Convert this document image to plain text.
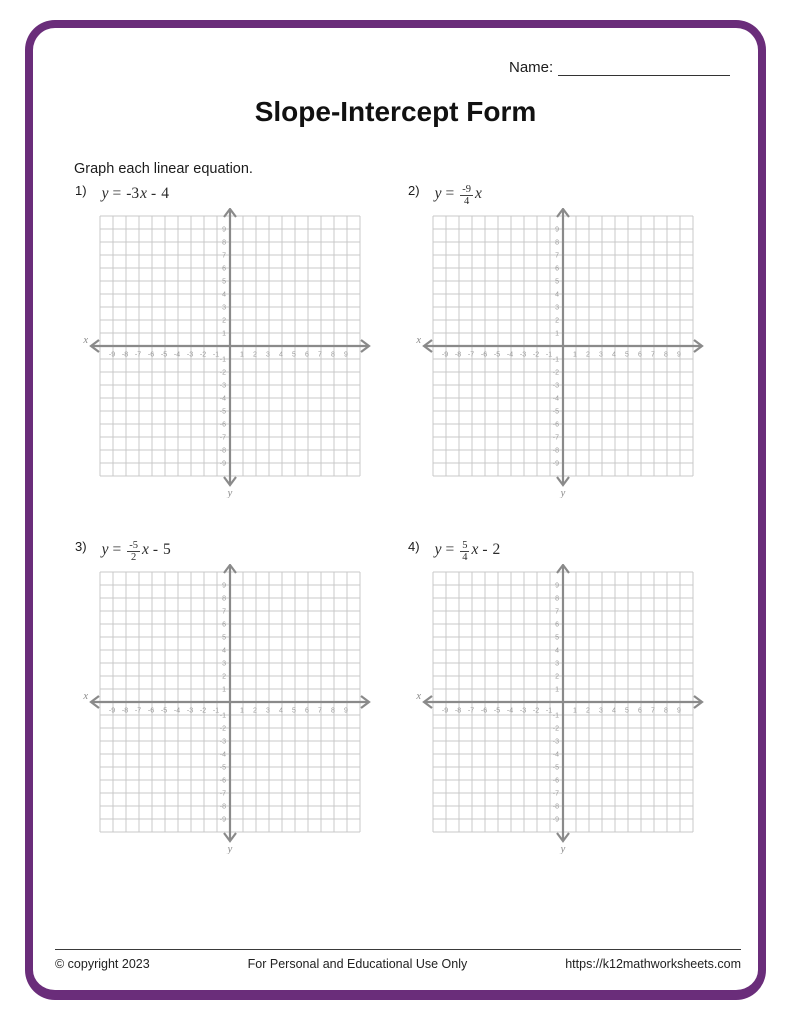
Name:
Slope-Intercept Form
Graph each linear equation.
1) y = -3x - 4
-9 -8 -7 -6 -5 -4 -3 -2 -1	1 2 3 4 5 6 7 8 9
9
8
7
6
5
4
3
2
1
-1
-2
-3
-4
-5
-6
-7
-8
-9
x
y
2) $y = \frac{-9}{4}$ x
-9 -8 -7 -6 -5 -4 -3 -2 -1	1 2 3 4 5 6 7 8 9
9
8
7
6
5
4
3
2
1
-1
-2
-3
-4
-5
-6
-7
-8
-9
x
y
3) $y = \frac{-5}{2}$ x - 5
-9 -8 -7 -6 -5 -4 -3 -2 -1	1 2 3 4 5 6 7 8 9
9
8
7
6
5
4
3
2
1
-1
-2
-3
-4
-5
-6
-7
-8
-9
x
y
4) $y = \frac{5}{4}$ x - 2
-9 -8 -7 -6 -5 -4 -3 -2 -1	1 2 3 4 5 6 7 8 9
9
8
7
6
5
4
3
2
1
-1
-2
-3
-4
-5
-6
-7
-8
-9
x
y
© copyright 2023	For Personal and Educational Use Only	https://k12mathworksheets.com
